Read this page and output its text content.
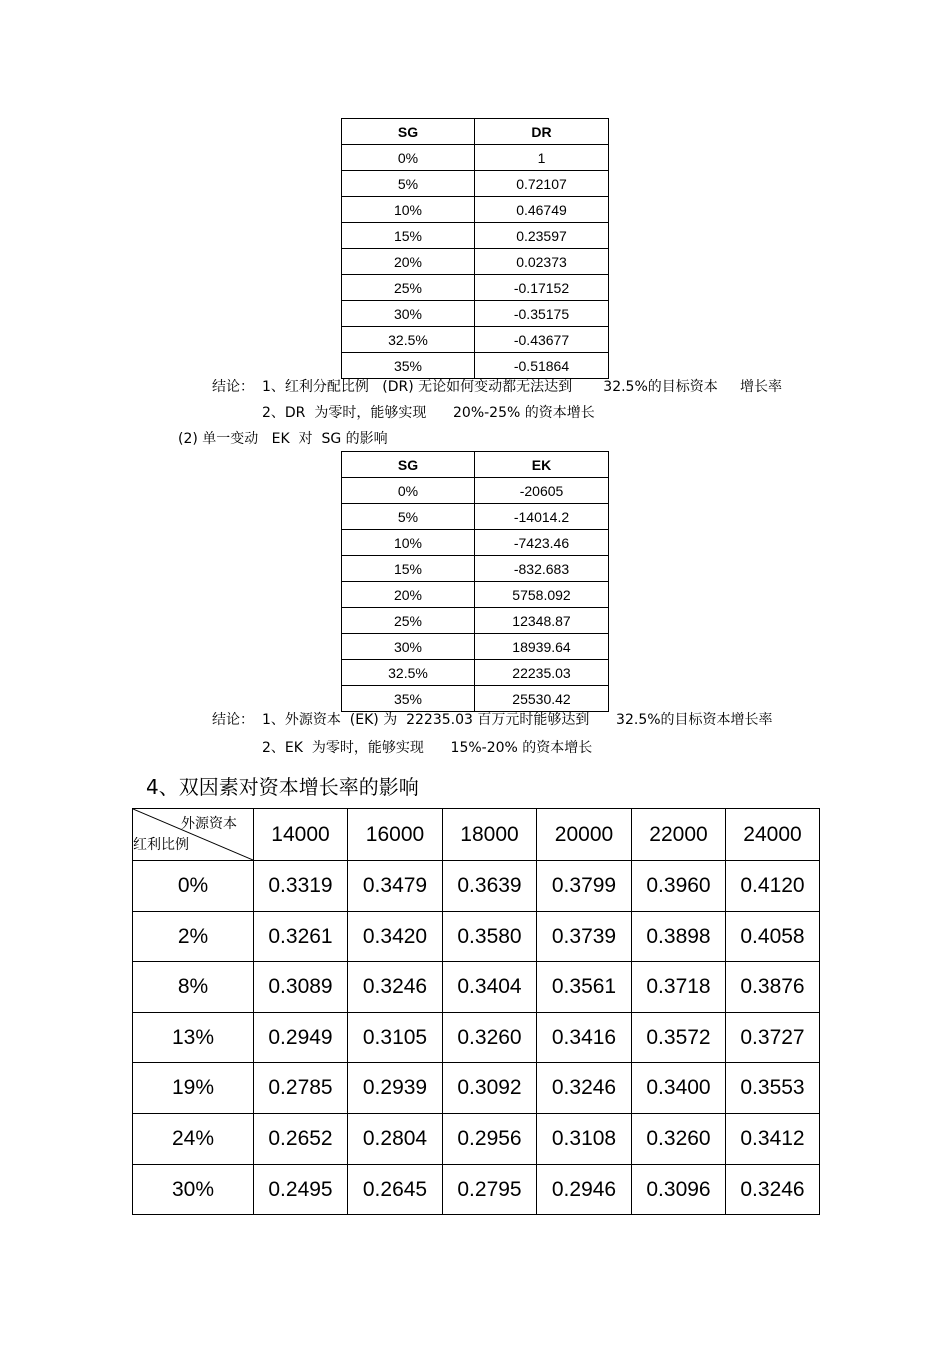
SG	DR
0%	1
5%	0.72107
10%	0.46749
15%	0.23597
20%	0.02373
25%	-0.17152
30%	-0.35175
32.5%	-0.43677
35%	-0.51864
结论： 1、红利分配比例   (DR) 无论如何变动都无法达到       32.5%的目标资本     增长率
2、DR  为零时，能够实现      20%-25% 的资本增长
(2) 单一变动   EK  对  SG 的影响
SG	EK
0%	-20605
5%	-14014.2
10%	-7423.46
15%	-832.683
20%	5758.092
25%	12348.87
30%	18939.64
32.5%	22235.03
35%	25530.42
结论： 1、外源资本  (EK) 为  22235.03 百万元时能够达到      32.5%的目标资本增长率
2、EK  为零时，能够实现      15%-20% 的资本增长
4、双因素对资本增长率的影响
外源资本
红利比例	14000	16000	18000	20000	22000	24000
0%	0.3319	0.3479	0.3639	0.3799	0.3960	0.4120
2%	0.3261	0.3420	0.3580	0.3739	0.3898	0.4058
8%	0.3089	0.3246	0.3404	0.3561	0.3718	0.3876
13%	0.2949	0.3105	0.3260	0.3416	0.3572	0.3727
19%	0.2785	0.2939	0.3092	0.3246	0.3400	0.3553
24%	0.2652	0.2804	0.2956	0.3108	0.3260	0.3412
30%	0.2495	0.2645	0.2795	0.2946	0.3096	0.3246
